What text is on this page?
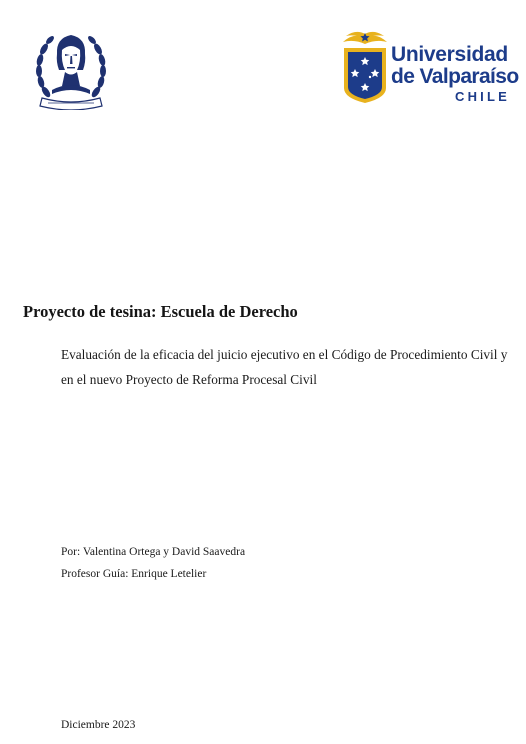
Universidad
de Valparaíso
CHILE
Proyecto de tesina: Escuela de Derecho
Evaluación de la eficacia del juicio ejecutivo en el Código de Procedimiento Civil y en el nuevo Proyecto de Reforma Procesal Civil
Por: Valentina Ortega y David Saavedra
Profesor Guía: Enrique Letelier
Diciembre 2023
